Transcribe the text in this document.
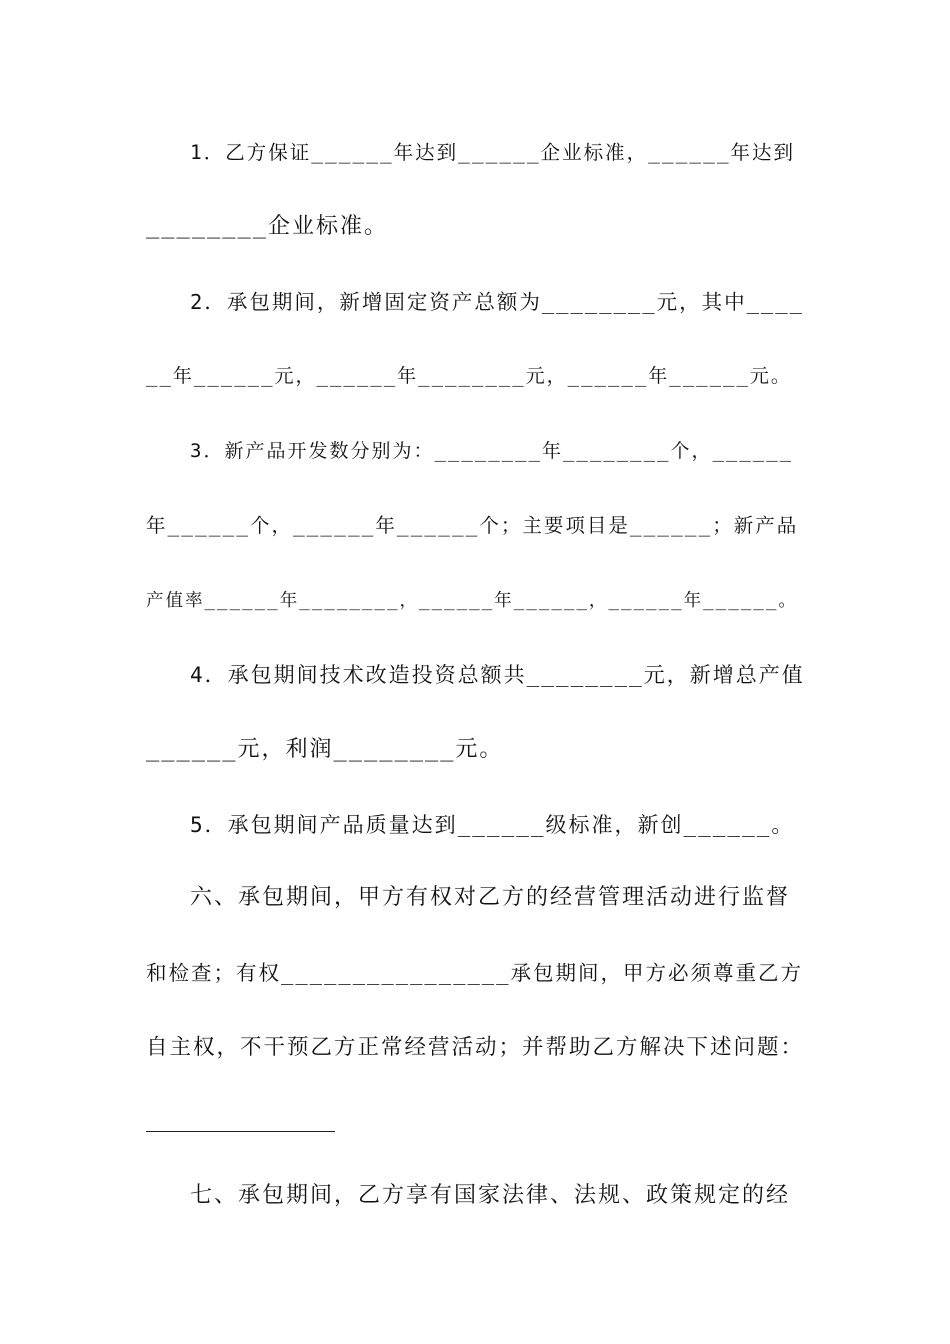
1．乙方保证______年达到______企业标准，______年达到
________企业标准。
2．承包期间，新增固定资产总额为________元，其中____
__年______元，______年________元，______年______元。
3．新产品开发数分别为：________年________个，______
年______个，______年______个；主要项目是______；新产品
产值率______年________，______年______，______年______。
4．承包期间技术改造投资总额共________元，新增总产值
______元，利润________元。
5．承包期间产品质量达到______级标准，新创______。
六、承包期间，甲方有权对乙方的经营管理活动进行监督
和检查；有权________________承包期间，甲方必须尊重乙方
自主权，不干预乙方正常经营活动；并帮助乙方解决下述问题：
七、承包期间，乙方享有国家法律、法规、政策规定的经
